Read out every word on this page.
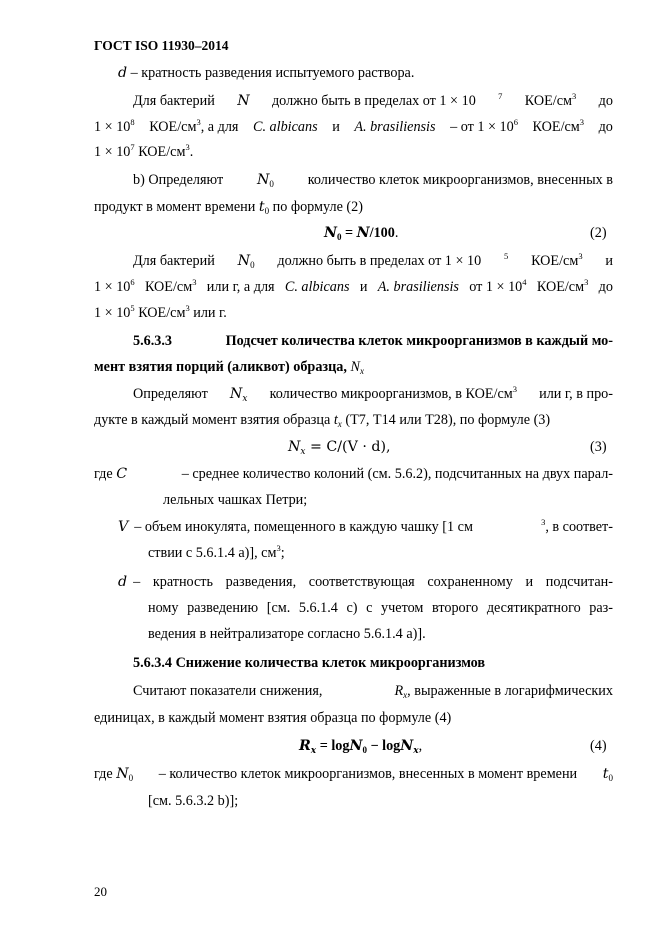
ГОСТ ISO 11930–2014
d – кратность разведения испытуемого раствора.
Для бактерий N должно быть в пределах от 1 × 10	$^7$ КОЕ/$см^3$ до
$1 \times 10^8$ КОЕ/$см^3$, а для C. albicans и A. brasiliensis – от $1 \times 10^6$ КОЕ/$см^3$ до
$1 \times 10^7$ КОЕ/$см^3$.
b) Определяют $N_0$ количество клеток микроорганизмов, внесенных в
продукт в момент времени $t_0$ по формуле (2)
$N_0 = N/100$.	(2)
Для бактерий $N_0$ должно быть в пределах от 1 × 10	$^5$ КОЕ/$см^3$ и
$1 \times 10^6$ КОЕ/$см^3$ или г, а для C. albicans и A. brasiliensis от $1 \times 10^4$ КОЕ/$см^3$ до
$1 \times 10^5$ КОЕ/$см^3$ или г.
5.6.3.3	Подсчет количества клеток микроорганизмов в каждый мо-
мент взятия порций (аликвот) образца, $N_x$
Определяют $N_x$ количество микроорганизмов, в КОЕ/$см^3$ или г, в про-
дукте в каждый момент взятия образца $t_x$ (Т7, Т14 или Т28), по формуле (3)
$N_x = C/(V \cdot d)$,	(3)
где C	– среднее количество колоний (см. 5.6.2), подсчитанных на двух парал-
лельных чашках Петри;
V – объем инокулята, помещенного в каждую чашку [1 см	$^3$, в соответ-
ствии с 5.6.1.4 а)], $см^3$;
d – кратность разведения, соответствующая сохраненному и подсчитан-
ному разведению [см. 5.6.1.4 с) с учетом второго десятикратного раз-
ведения в нейтрализаторе согласно 5.6.1.4 а)].
5.6.3.4 Снижение количества клеток микроорганизмов
Считают показатели снижения,	$R_x$, выраженные в логарифмических
единицах, в каждый момент взятия образца по формуле (4)
$R_x = \log N_0 - \log N_x$,	(4)
где $N_0$ – количество клеток микроорганизмов, внесенных в момент времени $t_0$
[см. 5.6.3.2 b)];
20
